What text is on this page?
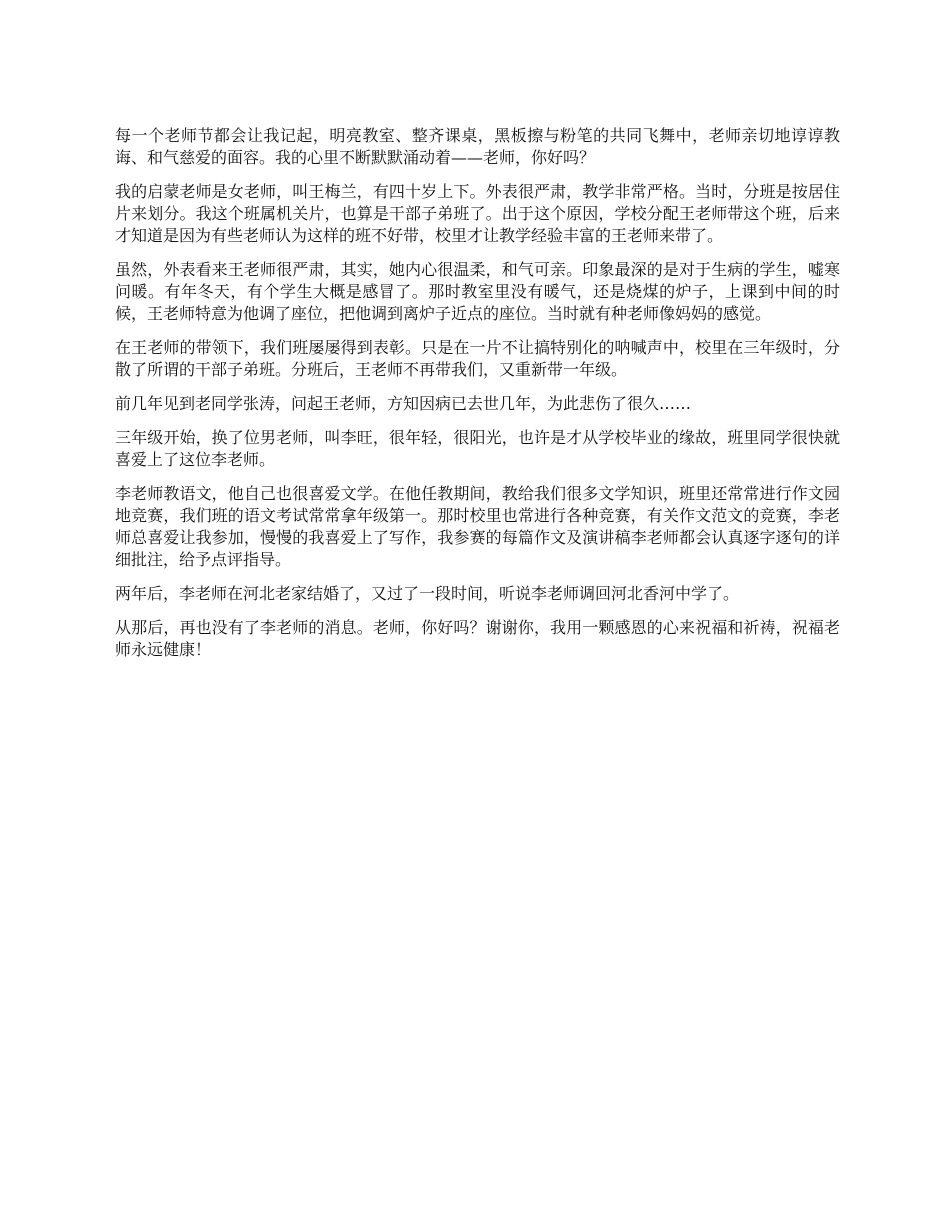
每一个老师节都会让我记起，明亮教室、整齐课桌，黑板擦与粉笔的共同飞舞中，老师亲切地谆谆教诲、和气慈爱的面容。我的心里不断默默涌动着——老师，你好吗？

我的启蒙老师是女老师，叫王梅兰，有四十岁上下。外表很严肃，教学非常严格。当时，分班是按居住片来划分。我这个班属机关片，也算是干部子弟班了。出于这个原因，学校分配王老师带这个班，后来才知道是因为有些老师认为这样的班不好带，校里才让教学经验丰富的王老师来带了。

虽然，外表看来王老师很严肃，其实，她内心很温柔，和气可亲。印象最深的是对于生病的学生，嘘寒问暖。有年冬天，有个学生大概是感冒了。那时教室里没有暖气，还是烧煤的炉子，上课到中间的时候，王老师特意为他调了座位，把他调到离炉子近点的座位。当时就有种老师像妈妈的感觉。

在王老师的带领下，我们班屡屡得到表彰。只是在一片不让搞特别化的呐喊声中，校里在三年级时，分散了所谓的干部子弟班。分班后，王老师不再带我们，又重新带一年级。

前几年见到老同学张涛，问起王老师，方知因病已去世几年，为此悲伤了很久……

三年级开始，换了位男老师，叫李旺，很年轻，很阳光，也许是才从学校毕业的缘故，班里同学很快就喜爱上了这位李老师。

李老师教语文，他自己也很喜爱文学。在他任教期间，教给我们很多文学知识，班里还常常进行作文园地竞赛，我们班的语文考试常常拿年级第一。那时校里也常进行各种竞赛，有关作文范文的竞赛，李老师总喜爱让我参加，慢慢的我喜爱上了写作，我参赛的每篇作文及演讲稿李老师都会认真逐字逐句的详细批注，给予点评指导。

两年后，李老师在河北老家结婚了，又过了一段时间，听说李老师调回河北香河中学了。

从那后，再也没有了李老师的消息。老师，你好吗？谢谢你，我用一颗感恩的心来祝福和祈祷，祝福老师永远健康！
